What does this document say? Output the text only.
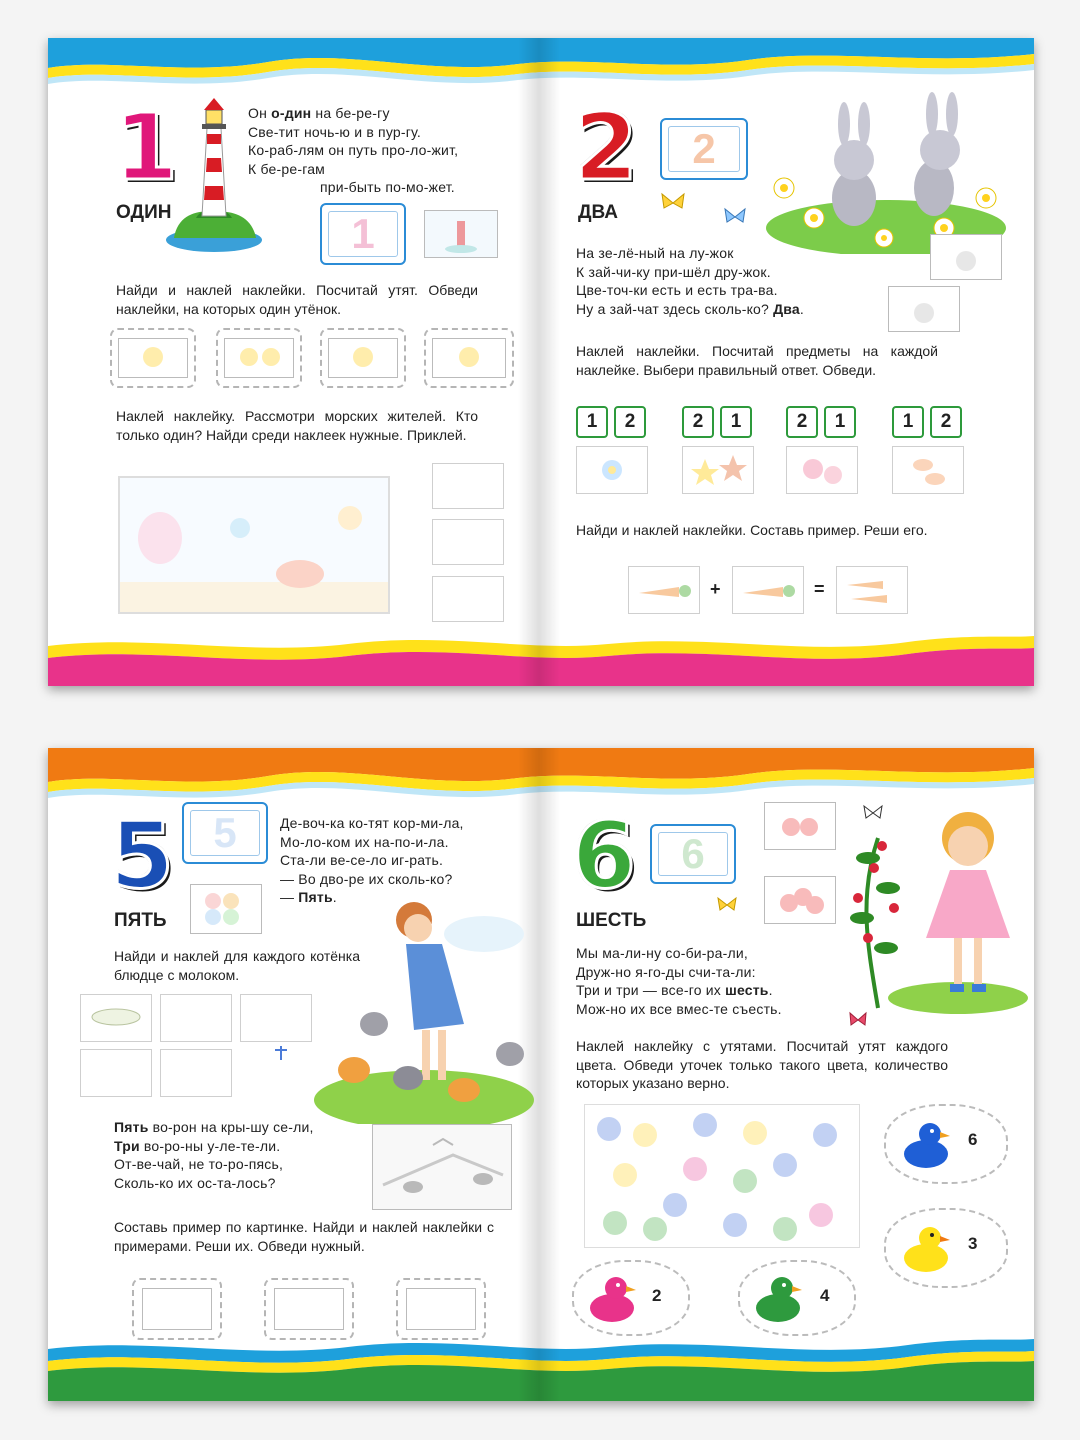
1
ОДИН
Он о-дин на бе-ре-гу
Све-тит ночь-ю и в пур-гу.
Ко-раб-лям он путь про-ло-жит,
К бе-ре-гам
при-быть по-мо-жет.
1
Найди и наклей наклейки. Посчитай утят. Обведи наклейки, на которых один утёнок.
Наклей наклейку. Рассмотри морских жителей. Кто только один? Найди среди наклеек нужные. Приклей.
2
ДВА
2
На зе-лё-ный на лу-жок
К зай-чи-ку при-шёл дру-жок.
Цве-точ-ки есть и есть тра-ва.
Ну а зай-чат здесь сколь-ко? Два.
Наклей наклейки. Посчитай предметы на каждой наклейке. Выбери правильный ответ. Обведи.
1	2	2	1	2	1	1	2
Найди и наклей наклейки. Составь пример. Реши его.
+	=
5
ПЯТЬ
5	Де-воч-ка ко-тят кор-ми-ла,
Мо-ло-ком их на-по-и-ла.
Ста-ли ве-се-ло иг-рать.
— Во дво-ре их сколь-ко?
— Пять.
Найди и наклей для каждого котёнка блюдце с молоком.
Пять во-рон на кры-шу се-ли,
Три во-ро-ны у-ле-те-ли.
От-ве-чай, не то-ро-пясь,
Сколь-ко их ос-та-лось?
Составь пример по картинке. Найди и наклей наклейки с примерами. Реши их. Обведи нужный.
6
ШЕСТЬ
6
Мы ма-ли-ну со-би-ра-ли,
Друж-но я-го-ды счи-та-ли:
Три и три — все-го их шесть.
Мож-но их все вмес-те съесть.
Наклей наклейку с утятами. Посчитай утят каждого цвета. Обведи уточек только такого цвета, количество которых указано верно.
6
3
2	4
